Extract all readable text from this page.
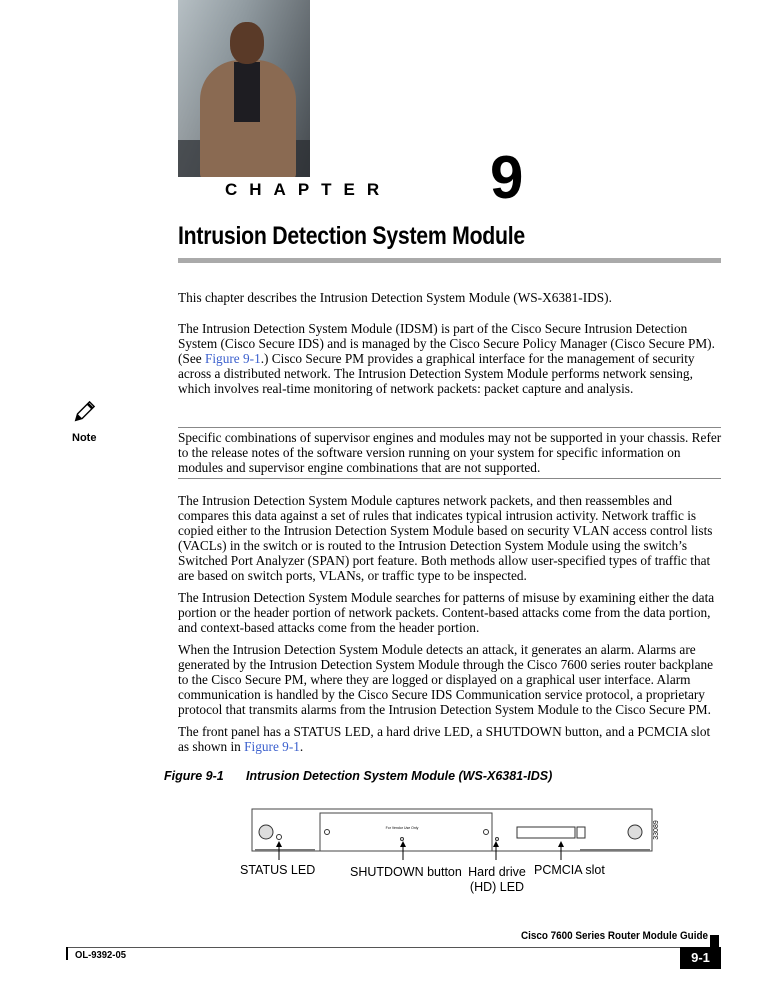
CHAPTER 9
Intrusion Detection System Module
This chapter describes the Intrusion Detection System Module (WS-X6381-IDS).
The Intrusion Detection System Module (IDSM) is part of the Cisco Secure Intrusion Detection System (Cisco Secure IDS) and is managed by the Cisco Secure Policy Manager (Cisco Secure PM). (See Figure 9-1.) Cisco Secure PM provides a graphical interface for the management of security across a distributed network. The Intrusion Detection System Module performs network sensing, which involves real-time monitoring of network packets: packet capture and analysis.
Note	Specific combinations of supervisor engines and modules may not be supported in your chassis. Refer to the release notes of the software version running on your system for specific information on modules and supervisor engine combinations that are not supported.

The Intrusion Detection System Module captures network packets, and then reassembles and compares this data against a set of rules that indicates typical intrusion activity. Network traffic is copied either to the Intrusion Detection System Module based on security VLAN access control lists (VACLs) in the switch or is routed to the Intrusion Detection System Module using the switch’s Switched Port Analyzer (SPAN) port feature. Both methods allow user-specified types of traffic that are based on switch ports, VLANs, or traffic type to be inspected.

The Intrusion Detection System Module searches for patterns of misuse by examining either the data portion or the header portion of network packets. Content-based attacks come from the data portion, and context-based attacks come from the header portion.

When the Intrusion Detection System Module detects an attack, it generates an alarm. Alarms are generated by the Intrusion Detection System Module through the Cisco 7600 series router backplane to the Cisco Secure PM, where they are logged or displayed on a graphical user interface. Alarm communication is handled by the Cisco Secure IDS Communication service protocol, a proprietary protocol that transmits alarms from the Intrusion Detection System Module to the Cisco Secure PM.

The front panel has a STATUS LED, a hard drive LED, a SHUTDOWN button, and a PCMCIA slot as shown in Figure 9-1.

Figure 9-1 Intrusion Detection System Module (WS-X6381-IDS)
For Vendor Use Only	33089
STATUS LED	SHUTDOWN button Hard drive (HD) LED
PCMCIA slot
Cisco 7600 Series Router Module Guide
OL-9392-05	9-1
